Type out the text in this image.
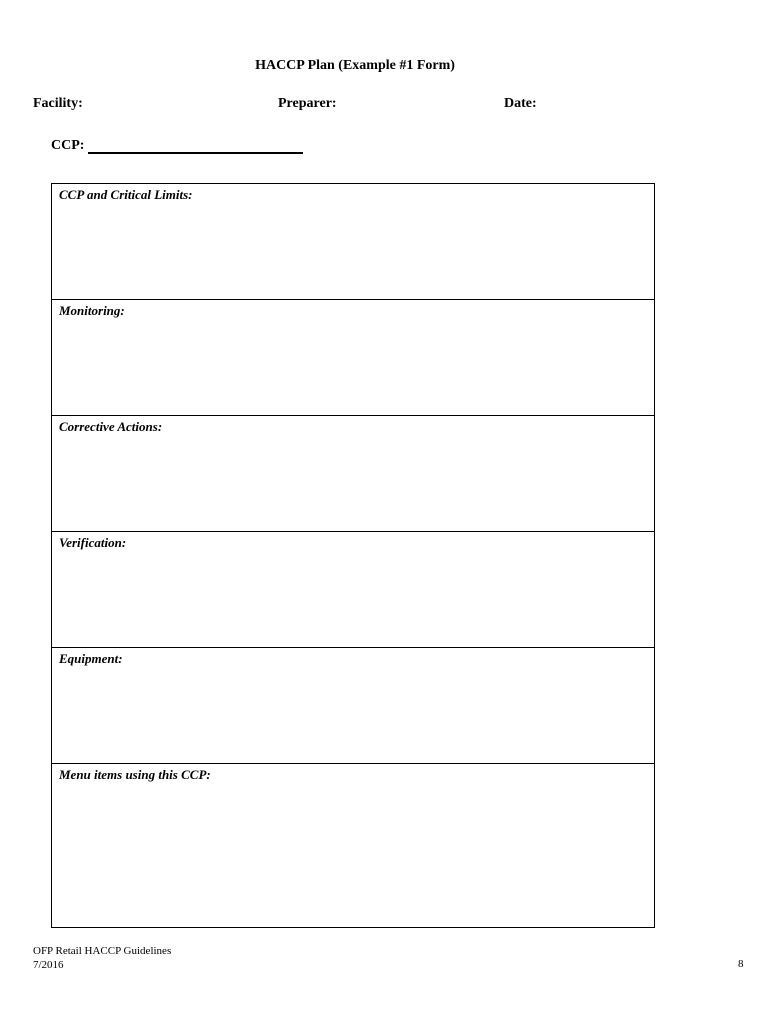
HACCP Plan (Example #1 Form)
Facility:	Preparer:	Date:
CCP:
CCP and Critical Limits:
Monitoring:
Corrective Actions:
Verification:
Equipment:
Menu items using this CCP:
OFP Retail HACCP Guidelines
7/2016	8
